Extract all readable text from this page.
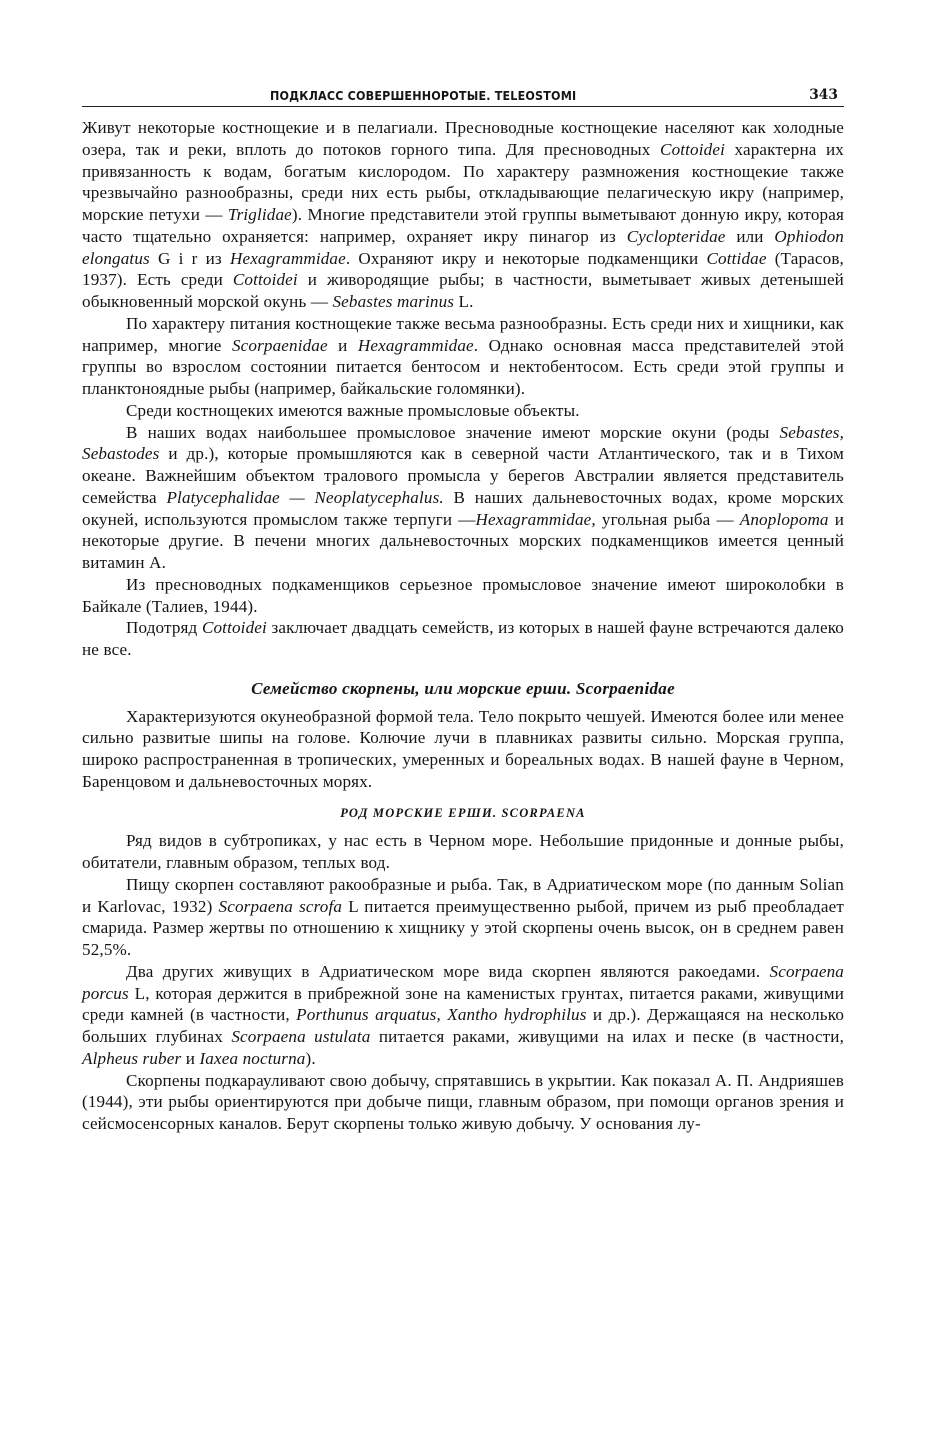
ПОДКЛАСС СОВЕРШЕННОРОТЫЕ. TELEOSTOMI	343

Живут некоторые костнощекие и в пелагиали. Пресноводные костнощекие населяют как холодные озера, так и реки, вплоть до потоков горного типа. Для пресноводных Cottoidei характерна их привязанность к водам, богатым кислородом. По характеру размножения костнощекие также чрезвычайно разнообразны, среди них есть рыбы, откладывающие пелагическую икру (например, морские петухи — Triglidae). Многие представители этой группы выметывают донную икру, которая часто тщательно охраняется: например, охраняет икру пинагор из Cyclopteridae или Ophiodon elongatus G i r из Hexagrammidae. Охраняют икру и некоторые подкаменщики Cottidae (Тарасов, 1937). Есть среди Cottoidei и живородящие рыбы; в частности, выметывает живых детенышей обыкновенный морской окунь — Sebastes marinus L.

По характеру питания костнощекие также весьма разнообразны. Есть среди них и хищники, как например, многие Scorpaenidae и Hexagrammidae. Однако основная масса представителей этой группы во взрослом состоянии питается бентосом и нектобентосом. Есть среди этой группы и планктоноядные рыбы (например, байкальские голомянки).

Среди костнощеких имеются важные промысловые объекты.

В наших водах наибольшее промысловое значение имеют морские окуни (роды Sebastes, Sebastodes и др.), которые промышляются как в северной части Атлантического, так и в Тихом океане. Важнейшим объектом тралового промысла у берегов Австралии является представитель семейства Platycephalidae — Neoplatycephalus. В наших дальневосточных водах, кроме морских окуней, используются промыслом также терпуги —Hexagrammidae, угольная рыба — Anoplopoma и некоторые другие. В печени многих дальневосточных морских подкаменщиков имеется ценный витамин A.

Из пресноводных подкаменщиков серьезное промысловое значение имеют широколобки в Байкале (Талиев, 1944).

Подотряд Cottoidei заключает двадцать семейств, из которых в нашей фауне встречаются далеко не все.

Семейство скорпены, или морские ерши. Scorpaenidae

Характеризуются окунеобразной формой тела. Тело покрыто чешуей. Имеются более или менее сильно развитые шипы на голове. Колючие лучи в плавниках развиты сильно. Морская группа, широко распространенная в тропических, умеренных и бореальных водах. В нашей фауне в Черном, Баренцовом и дальневосточных морях.

РОД МОРСКИЕ ЕРШИ. SCORPAENA

Ряд видов в субтропиках, у нас есть в Черном море. Небольшие придонные и донные рыбы, обитатели, главным образом, теплых вод.

Пищу скорпен составляют ракообразные и рыба. Так, в Адриатическом море (по данным Solian и Karlovac, 1932) Scorpaena scrofa L питается преимущественно рыбой, причем из рыб преобладает смарида. Размер жертвы по отношению к хищнику у этой скорпены очень высок, он в среднем равен 52,5%.

Два других живущих в Адриатическом море вида скорпен являются ракоедами. Scorpaena porcus L, которая держится в прибрежной зоне на каменистых грунтах, питается раками, живущими среди камней (в частности, Porthunus arquatus, Xantho hydrophilus и др.). Держащаяся на несколько больших глубинах Scorpaena ustulata питается раками, живущими на илах и песке (в частности, Alpheus ruber и Iaxea nocturna).

Скорпены подкарауливают свою добычу, спрятавшись в укрытии. Как показал А. П. Андрияшев (1944), эти рыбы ориентируются при добыче пищи, главным образом, при помощи органов зрения и сейсмосенсорных каналов. Берут скорпены только живую добычу. У основания лу-
